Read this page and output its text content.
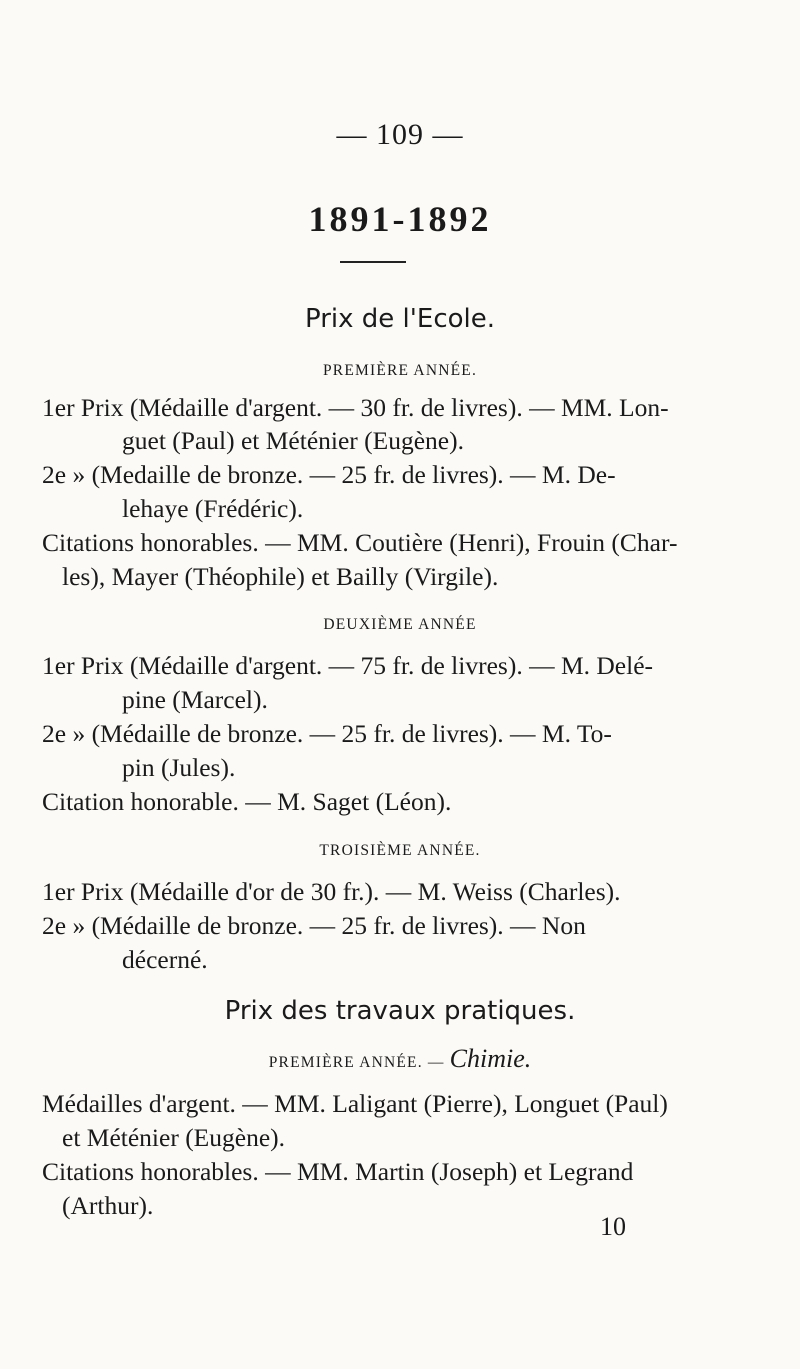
— 109 —
1891-1892
Prix de l'Ecole.
PREMIÈRE ANNÉE.
1er Prix (Médaille d'argent. — 30 fr. de livres). — MM. Lon-
guet (Paul) et Méténier (Eugène).
2e » (Medaille de bronze. — 25 fr. de livres). — M. De-
lehaye (Frédéric).
Citations honorables. — MM. Coutière (Henri), Frouin (Char-
les), Mayer (Théophile) et Bailly (Virgile).
DEUXIÈME ANNÉE
1er Prix (Médaille d'argent. — 75 fr. de livres). — M. Delé-
pine (Marcel).
2e » (Médaille de bronze. — 25 fr. de livres). — M. To-
pin (Jules).
Citation honorable. — M. Saget (Léon).
TROISIÈME ANNÉE.
1er Prix (Médaille d'or de 30 fr.). — M. Weiss (Charles).
2e » (Médaille de bronze. — 25 fr. de livres). — Non
décerné.
Prix des travaux pratiques.
PREMIÈRE ANNÉE. — Chimie.
Médailles d'argent. — MM. Laligant (Pierre), Longuet (Paul)
et Méténier (Eugène).
Citations honorables. — MM. Martin (Joseph) et Legrand
(Arthur).
10
